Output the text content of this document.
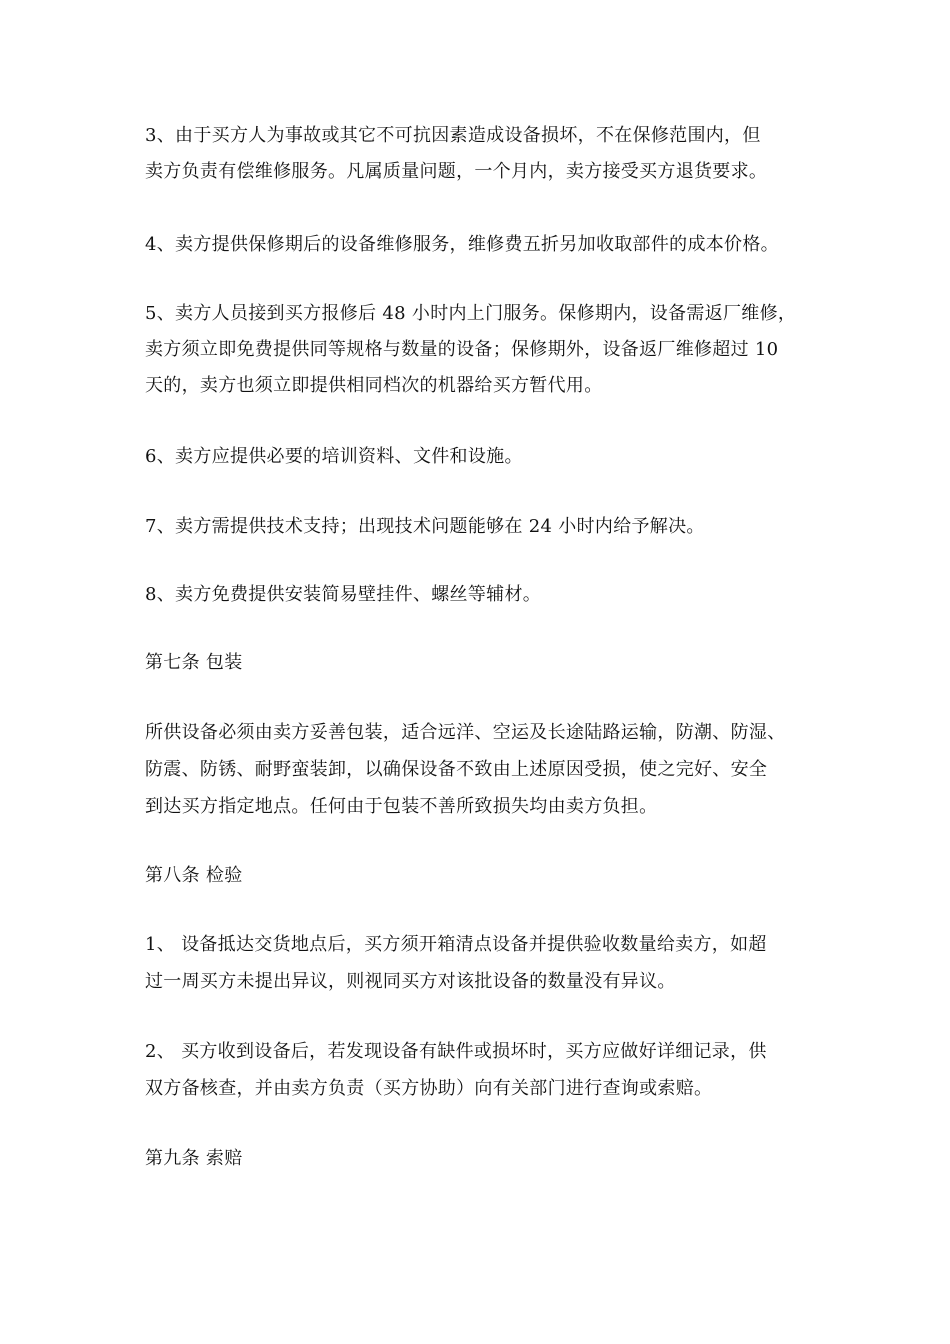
3、由于买方人为事故或其它不可抗因素造成设备损坏，不在保修范围内，但
卖方负责有偿维修服务。凡属质量问题，一个月内，卖方接受买方退货要求。
4、卖方提供保修期后的设备维修服务，维修费五折另加收取部件的成本价格。
5、卖方人员接到买方报修后 48 小时内上门服务。保修期内，设备需返厂维修，
卖方须立即免费提供同等规格与数量的设备；保修期外，设备返厂维修超过 10
天的，卖方也须立即提供相同档次的机器给买方暂代用。
6、卖方应提供必要的培训资料、文件和设施。
7、卖方需提供技术支持；出现技术问题能够在 24 小时内给予解决。
8、卖方免费提供安装简易壁挂件、螺丝等辅材。
第七条 包装
所供设备必须由卖方妥善包装，适合远洋、空运及长途陆路运输，防潮、防湿、
防震、防锈、耐野蛮装卸，以确保设备不致由上述原因受损，使之完好、安全
到达买方指定地点。任何由于包装不善所致损失均由卖方负担。
第八条 检验
1、 设备抵达交货地点后，买方须开箱清点设备并提供验收数量给卖方，如超
过一周买方未提出异议，则视同买方对该批设备的数量没有异议。
2、 买方收到设备后，若发现设备有缺件或损坏时，买方应做好详细记录，供
双方备核查，并由卖方负责（买方协助）向有关部门进行查询或索赔。
第九条 索赔
